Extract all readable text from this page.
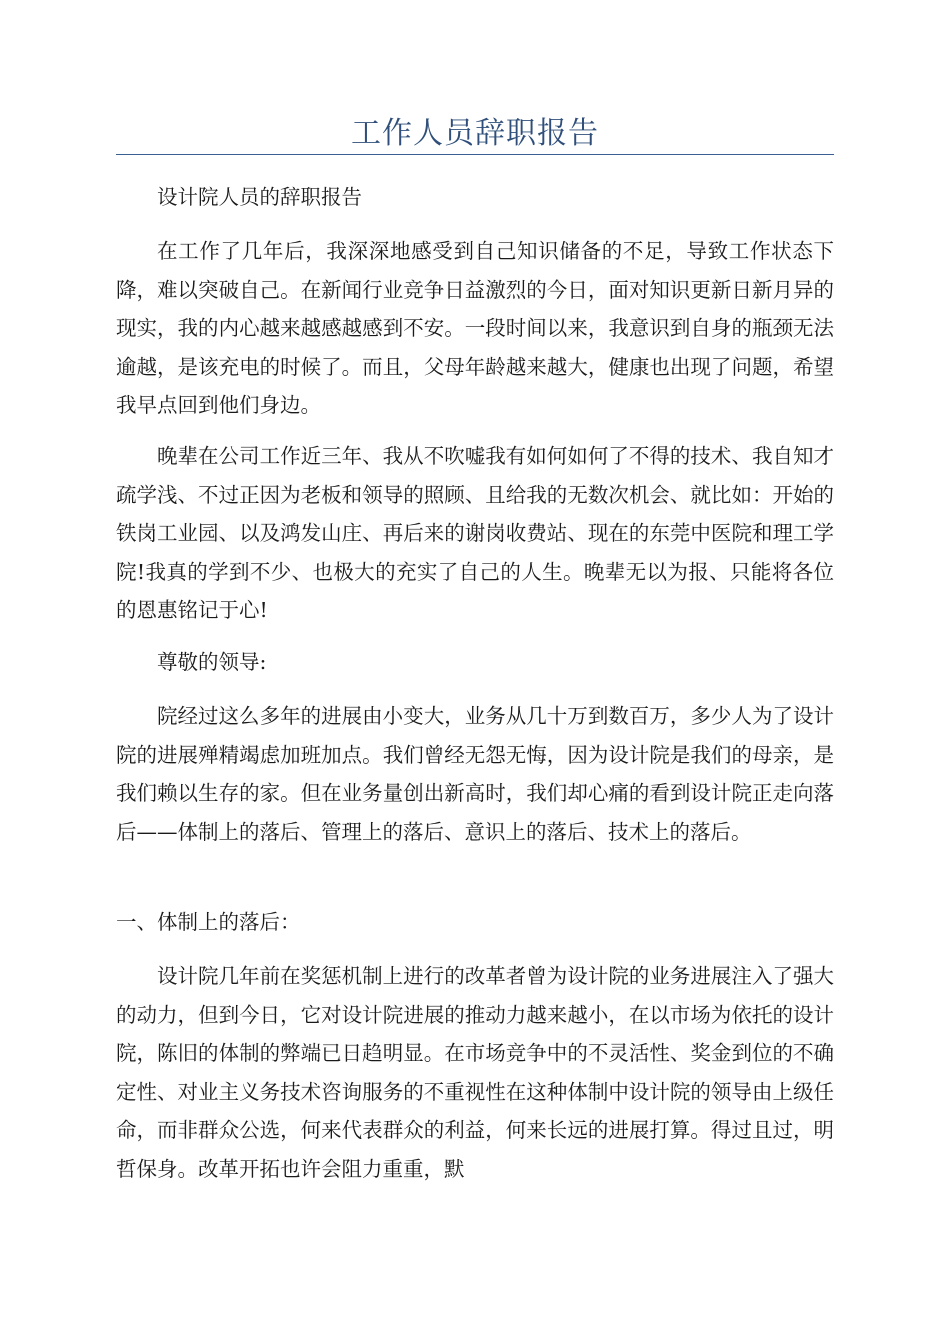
工作人员辞职报告

设计院人员的辞职报告

在工作了几年后，我深深地感受到自己知识储备的不足，导致工作状态下降，难以突破自己。在新闻行业竞争日益激烈的今日，面对知识更新日新月异的现实，我的内心越来越感越感到不安。一段时间以来，我意识到自身的瓶颈无法逾越，是该充电的时候了。而且，父母年龄越来越大，健康也出现了问题，希望我早点回到他们身边。

晚辈在公司工作近三年、我从不吹嘘我有如何如何了不得的技术、我自知才疏学浅、不过正因为老板和领导的照顾、且给我的无数次机会、就比如：开始的铁岗工业园、以及鸿发山庄、再后来的谢岗收费站、现在的东莞中医院和理工学院!我真的学到不少、也极大的充实了自己的人生。晚辈无以为报、只能将各位的恩惠铭记于心!

尊敬的领导:

院经过这么多年的进展由小变大，业务从几十万到数百万，多少人为了设计院的进展殚精竭虑加班加点。我们曾经无怨无悔，因为设计院是我们的母亲，是我们赖以生存的家。但在业务量创出新高时，我们却心痛的看到设计院正走向落后——体制上的落后、管理上的落后、意识上的落后、技术上的落后。

一、体制上的落后：

设计院几年前在奖惩机制上进行的改革者曾为设计院的业务进展注入了强大的动力，但到今日，它对设计院进展的推动力越来越小，在以市场为依托的设计院，陈旧的体制的弊端已日趋明显。在市场竞争中的不灵活性、奖金到位的不确定性、对业主义务技术咨询服务的不重视性在这种体制中设计院的领导由上级任命，而非群众公选，何来代表群众的利益，何来长远的进展打算。得过且过，明哲保身。改革开拓也许会阻力重重，默
